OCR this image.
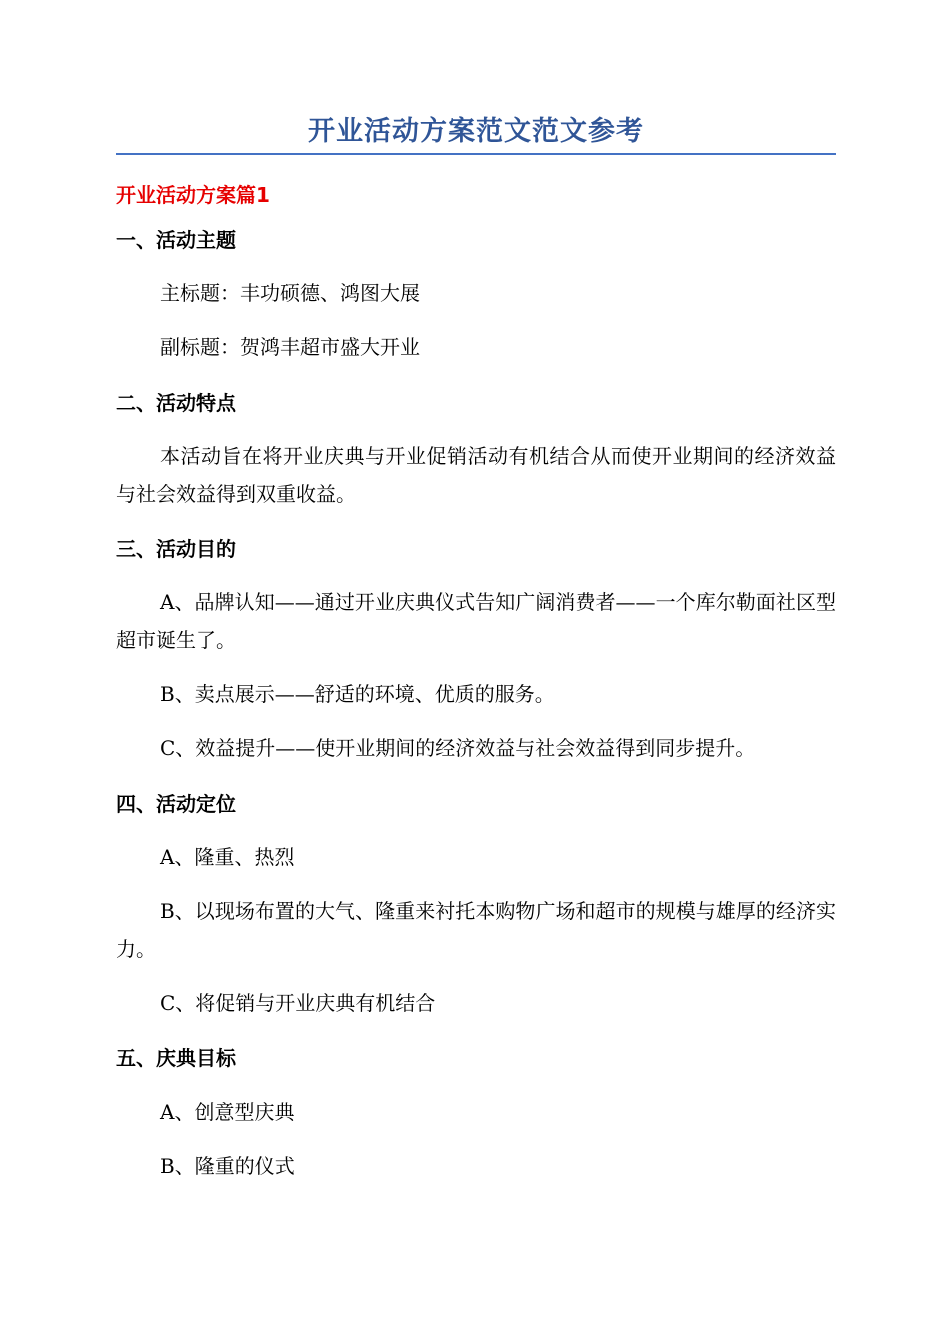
开业活动方案范文范文参考
开业活动方案篇1
一、活动主题

主标题：丰功硕德、鸿图大展

副标题：贺鸿丰超市盛大开业

二、活动特点

本活动旨在将开业庆典与开业促销活动有机结合从而使开业期间的经济效益与社会效益得到双重收益。

三、活动目的

A、品牌认知——通过开业庆典仪式告知广阔消费者——一个库尔勒面社区型超市诞生了。

B、卖点展示——舒适的环境、优质的服务。

C、效益提升——使开业期间的经济效益与社会效益得到同步提升。

四、活动定位

A、隆重、热烈

B、以现场布置的大气、隆重来衬托本购物广场和超市的规模与雄厚的经济实力。

C、将促销与开业庆典有机结合

五、庆典目标

A、创意型庆典

B、隆重的仪式
